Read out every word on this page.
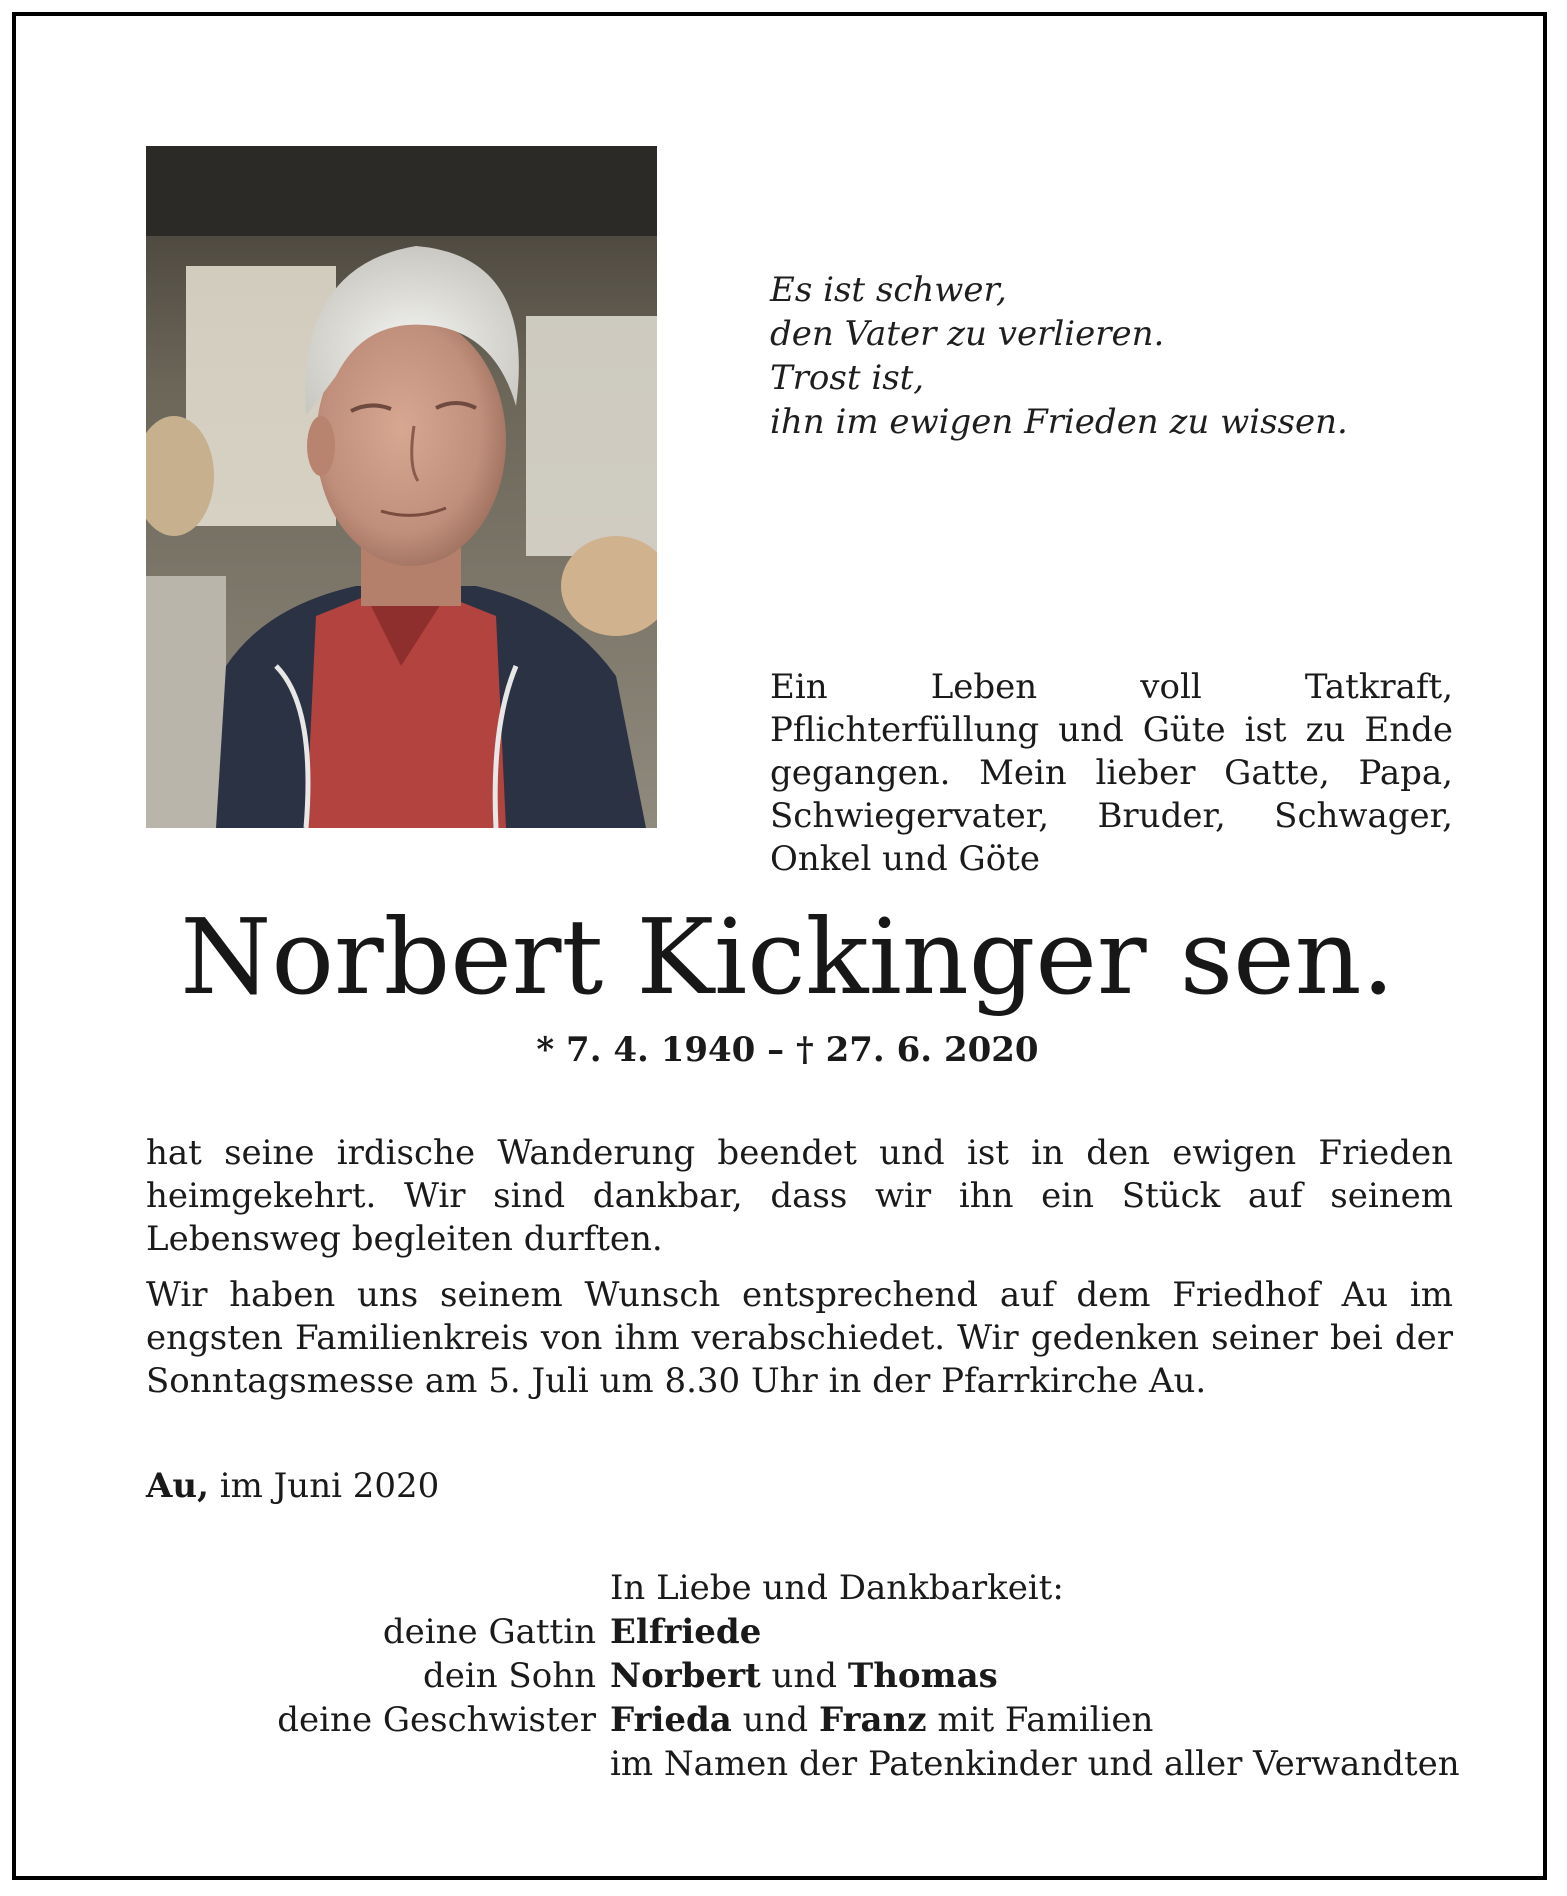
Es ist schwer,
den Vater zu verlieren.
Trost ist,
ihn im ewigen Frieden zu wissen.

Ein Leben voll Tatkraft, Pflichterfüllung und Güte ist zu Ende gegangen. Mein lieber Gatte, Papa, Schwiegervater, Bruder, Schwager, Onkel und Göte

Norbert Kickinger sen.
* 7. 4. 1940 – † 27. 6. 2020

hat seine irdische Wanderung beendet und ist in den ewigen Frieden heimgekehrt. Wir sind dankbar, dass wir ihn ein Stück auf seinem Lebensweg begleiten durften.

Wir haben uns seinem Wunsch entsprechend auf dem Friedhof Au im engsten Familienkreis von ihm verabschiedet. Wir gedenken seiner bei der Sonntagsmesse am 5. Juli um 8.30 Uhr in der Pfarrkirche Au.

Au, im Juni 2020

In Liebe und Dankbarkeit:
deine Gattin Elfriede
dein Sohn Norbert und Thomas
deine Geschwister Frieda und Franz mit Familien
im Namen der Patenkinder und aller Verwandten
